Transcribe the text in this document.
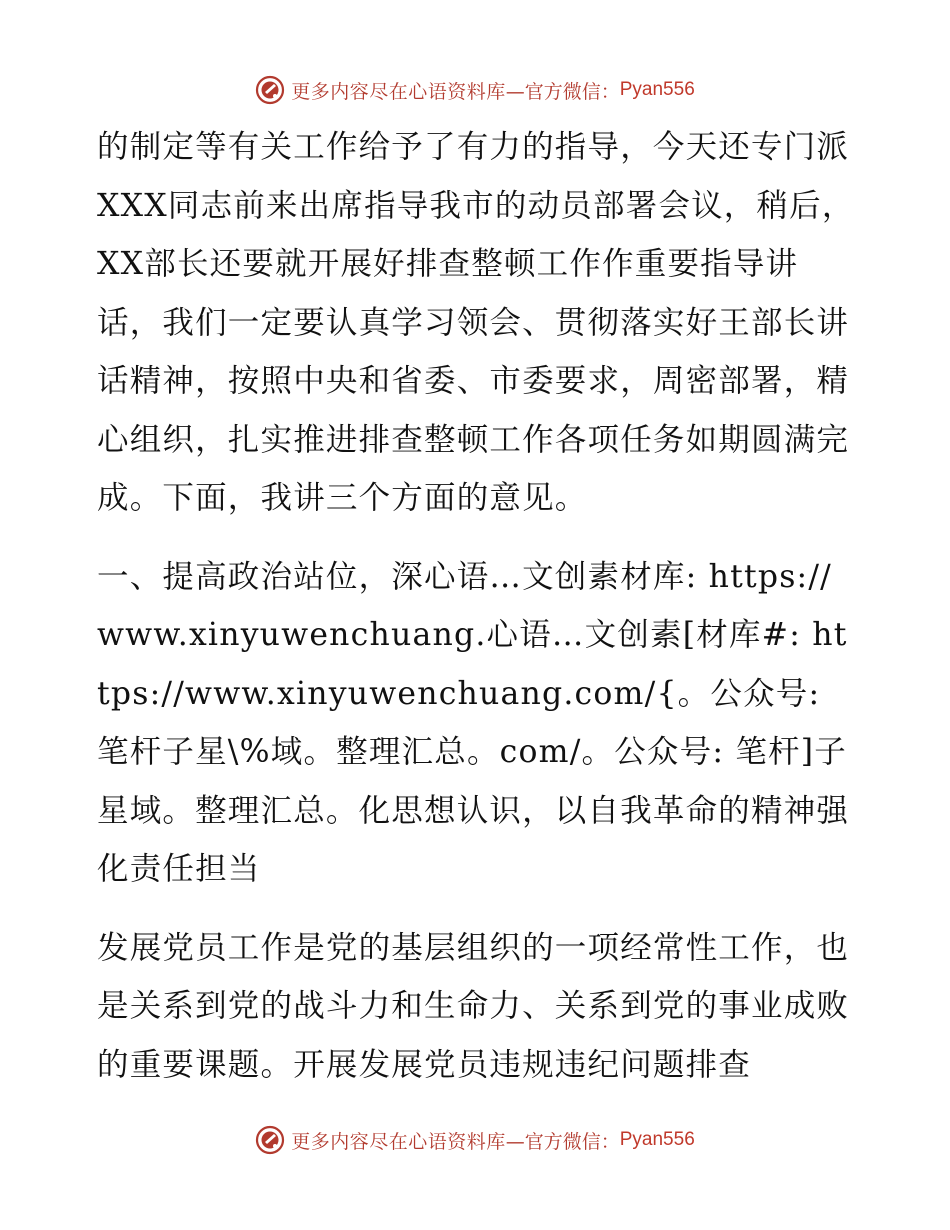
更多内容尽在心语资料库 —官方微信： Pyan556

的制定等有关工作给予了有力的指导，今天还专门派XXX同志前来出席指导我市的动员部署会议，稍后，XX部长还要就开展好排查整顿工作作重要指导讲话，我们一定要认真学习领会、贯彻落实好王部长讲话精神，按照中央和省委、市委要求，周密部署，精心组织，扎实推进排查整顿工作各项任务如期圆满完成。下面，我讲三个方面的意见。

一、提高政治站位，深心语…文创素材库: https://www.xinyuwenchuang.心语…文创素[材库#: https://www.xinyuwenchuang.com/{。公众号: 笔杆子星\%域。整理汇总。com/。公众号: 笔杆]子星域。整理汇总。化思想认识，以自我革命的精神强化责任担当

发展党员工作是党的基层组织的一项经常性工作，也是关系到党的战斗力和生命力、关系到党的事业成败的重要课题。开展发展党员违规违纪问题排查

更多内容尽在心语资料库 —官方微信： Pyan556
